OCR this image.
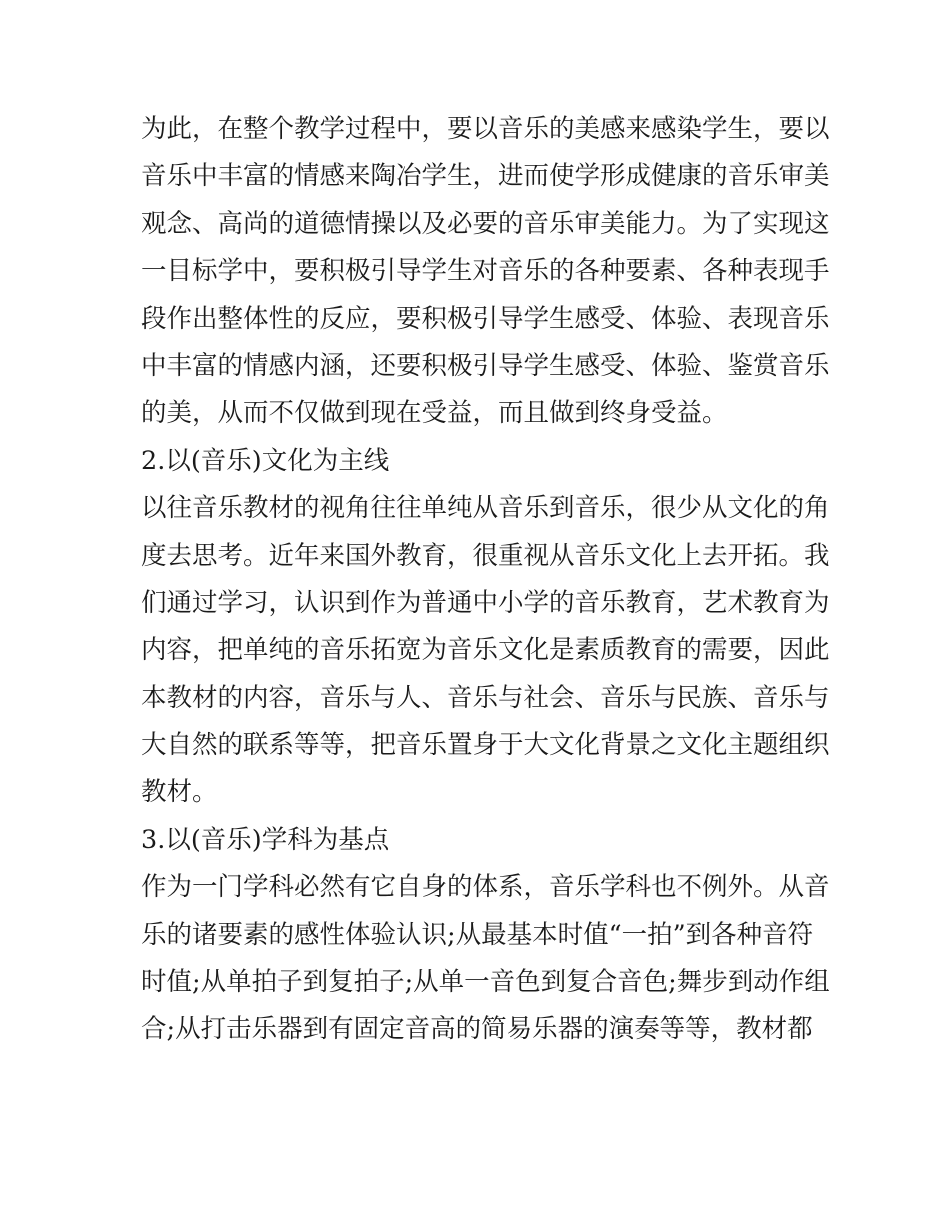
为此，在整个教学过程中，要以音乐的美感来感染学生，要以
音乐中丰富的情感来陶冶学生，进而使学形成健康的音乐审美
观念、高尚的道德情操以及必要的音乐审美能力。为了实现这
一目标学中，要积极引导学生对音乐的各种要素、各种表现手
段作出整体性的反应，要积极引导学生感受、体验、表现音乐
中丰富的情感内涵，还要积极引导学生感受、体验、鉴赏音乐
的美，从而不仅做到现在受益，而且做到终身受益。
2.以(音乐)文化为主线
以往音乐教材的视角往往单纯从音乐到音乐，很少从文化的角
度去思考。近年来国外教育，很重视从音乐文化上去开拓。我
们通过学习，认识到作为普通中小学的音乐教育，艺术教育为
内容，把单纯的音乐拓宽为音乐文化是素质教育的需要，因此
本教材的内容，音乐与人、音乐与社会、音乐与民族、音乐与
大自然的联系等等，把音乐置身于大文化背景之文化主题组织
教材。
3.以(音乐)学科为基点
作为一门学科必然有它自身的体系，音乐学科也不例外。从音
乐的诸要素的感性体验认识;从最基本时值“一拍”到各种音符
时值;从单拍子到复拍子;从单一音色到复合音色;舞步到动作组
合;从打击乐器到有固定音高的简易乐器的演奏等等，教材都
